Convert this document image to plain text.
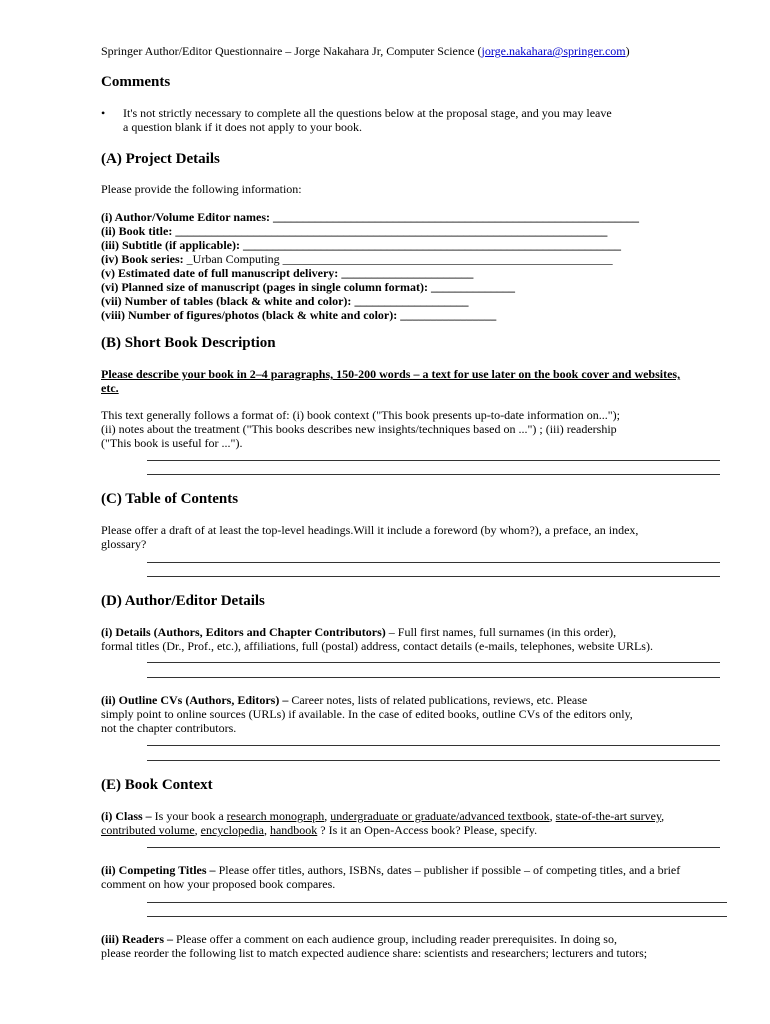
Springer Author/Editor Questionnaire – Jorge Nakahara Jr, Computer Science (jorge.nakahara@springer.com)
Comments
• It's not strictly necessary to complete all the questions below at the proposal stage, and you may leave
a question blank if it does not apply to your book.
(A) Project Details
Please provide the following information:
(i) Author/Volume Editor names: _____________________________________________________________
(ii) Book title: ________________________________________________________________________
(iii) Subtitle (if applicable): _______________________________________________________________
(iv) Book series: _Urban Computing _______________________________________________________
(v) Estimated date of full manuscript delivery: ______________________
(vi) Planned size of manuscript (pages in single column format): ______________
(vii) Number of tables (black & white and color): ___________________
(viii) Number of figures/photos (black & white and color): ________________
(B) Short Book Description
Please describe your book in 2–4 paragraphs, 150-200 words – a text for use later on the book cover and websites,
etc.
This text generally follows a format of: (i) book context ("This book presents up-to-date information on...");
(ii) notes about the treatment ("This books describes new insights/techniques based on ...") ; (iii) readership
("This book is useful for ...").
(C) Table of Contents
Please offer a draft of at least the top-level headings.Will it include a foreword (by whom?), a preface, an index,
glossary?
(D) Author/Editor Details
(i) Details (Authors, Editors and Chapter Contributors) – Full first names, full surnames (in this order),
formal titles (Dr., Prof., etc.), affiliations, full (postal) address, contact details (e-mails, telephones, website URLs).
(ii) Outline CVs (Authors, Editors) – Career notes, lists of related publications, reviews, etc. Please
simply point to online sources (URLs) if available. In the case of edited books, outline CVs of the editors only,
not the chapter contributors.
(E) Book Context
(i) Class – Is your book a research monograph, undergraduate or graduate/advanced textbook, state-of-the-art survey,
contributed volume, encyclopedia, handbook ? Is it an Open-Access book? Please, specify.
(ii) Competing Titles – Please offer titles, authors, ISBNs, dates – publisher if possible – of competing titles, and a brief
comment on how your proposed book compares.
(iii) Readers – Please offer a comment on each audience group, including reader prerequisites. In doing so,
please reorder the following list to match expected audience share: scientists and researchers; lecturers and tutors;
